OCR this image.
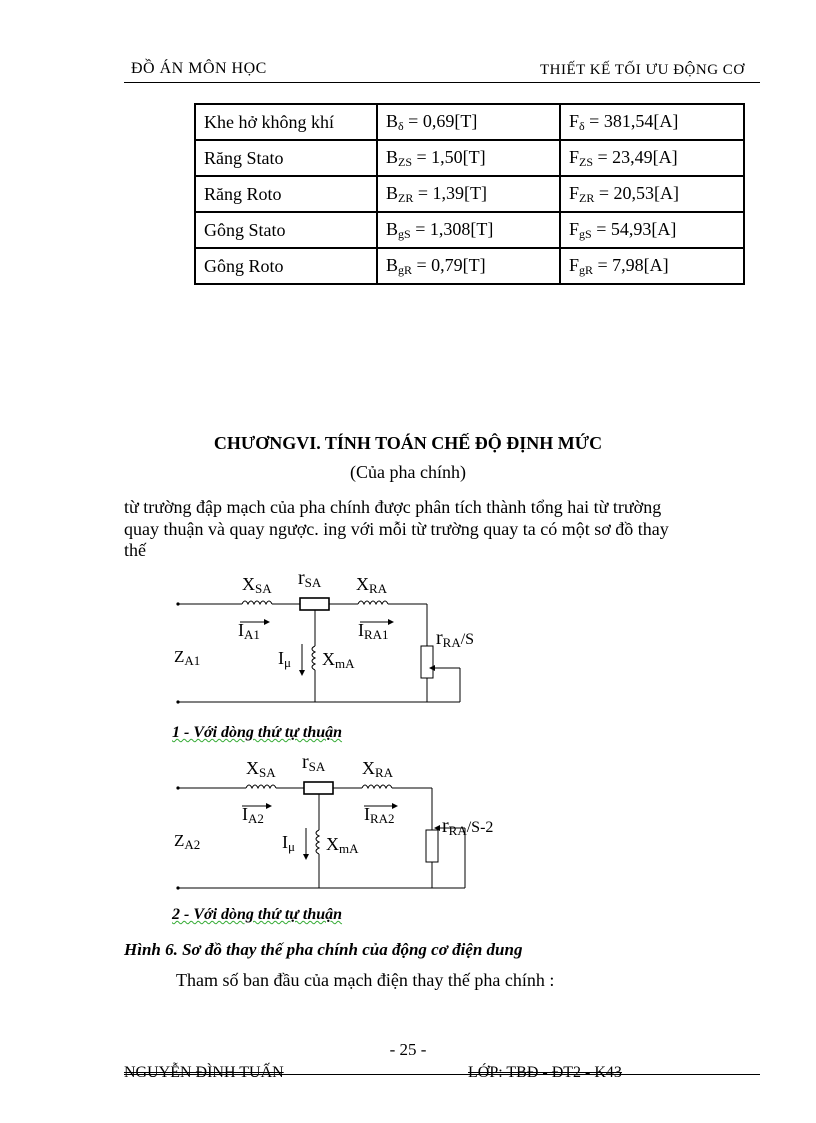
ĐỒ ÁN MÔN HỌC	THIẾT KẾ TỐI ƯU ĐỘNG CƠ
Khe hở không khí	$B_\delta = 0,69[T]$	$F_\delta = 381,54[A]$
Răng Stato	$B_{ZS} = 1,50[T]$	$F_{ZS} = 23,49[A]$
Răng Roto	$B_{ZR} = 1,39[T]$	$F_{ZR} = 20,53[A]$
Gông Stato	$B_{gS} = 1,308[T]$	$F_{gS} = 54,93[A]$
Gông Roto	$B_{gR} = 0,79[T]$	$F_{gR} = 7,98[A]$
CHƯƠNGVI. TÍNH TOÁN CHẾ ĐỘ ĐỊNH MỨC
(Của pha chính)
từ trường đập mạch của pha chính được phân tích thành tổng hai từ trường
quay thuận và quay ngược. ing với mỗi từ trường quay ta có một sơ đồ thay
thế
XSA rSA XRA
IA1	IRA1
Iμ XmA
rRA/S
ZA1
1 - Với dòng thứ tự thuận
XSA rSA XRA
IA2	IRA2
Iμ XmA
rRA/S-2
ZA2
2 - Với dòng thứ tự thuận
Hình 6. Sơ đồ thay thế pha chính của động cơ điện dung
Tham số ban đầu của mạch điện thay thế pha chính :
- 25 -
NGUYỄN ĐÌNH TUẤN	LỚP: TBĐ - ĐT2 - K43
